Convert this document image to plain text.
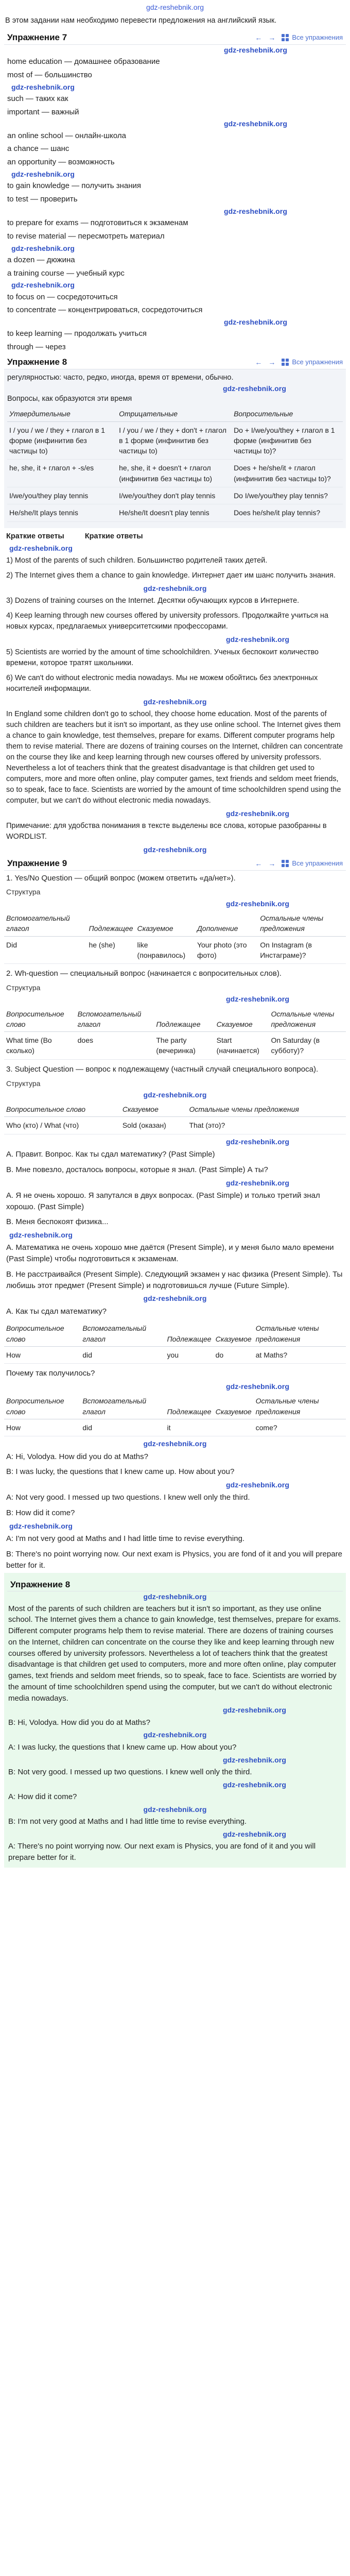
gdz-reshebnik.org
В этом задании нам необходимо перевести предложения на английский язык.
Упражнение 7	← → Все упражнения
gdz-reshebnik.org
home education — домашнее образование
most of — большинство
gdz-reshebnik.org
such — таких как
important — важный
gdz-reshebnik.org
an online school — онлайн-школа
a chance — шанс
an opportunity — возможность
gdz-reshebnik.org
to gain knowledge — получить знания
to test — проверить
gdz-reshebnik.org
to prepare for exams — подготовиться к экзаменам
to revise material — пересмотреть материал
gdz-reshebnik.org
a dozen — дюжина
a training course — учебный курс
gdz-reshebnik.org
to focus on — сосредоточиться
to concentrate — концентрироваться, сосредоточиться
gdz-reshebnik.org
to keep learning — продолжать учиться
through — через
Упражнение 8	← → Все упражнения
регулярностью: часто, редко, иногда, время от времени, обычно.
gdz-reshebnik.org
Вопросы, как образуются эти время
Утвердительные	Отрицательные	Вопросительные
I / you / we / they + глагол в 1 форме (инфинитив без частицы to)	I / you / we / they + don't + глагол в 1 форме (инфинитив без частицы to)	Do + I/we/you/they + глагол в 1 форме (инфинитив без частицы to)?
he, she, it + глагол + -s/es	he, she, it + doesn't + глагол (инфинитив без частицы to)	Does + he/she/it + глагол (инфинитив без частицы to)?
I/we/you/they play tennis	I/we/you/they don't play tennis	Do I/we/you/they play tennis?
He/she/It plays tennis	He/she/It doesn't play tennis	Does he/she/it play tennis?
Краткие ответы	Краткие ответы
gdz-reshebnik.org
1) Most of the parents of such children. Большинство родителей таких детей.
2) The Internet gives them a chance to gain knowledge. Интернет дает им шанс получить знания.
gdz-reshebnik.org
3) Dozens of training courses on the Internet. Десятки обучающих курсов в Интернете.
4) Keep learning through new courses offered by university professors. Продолжайте учиться на новых курсах, предлагаемых университетскими профессорами.
gdz-reshebnik.org
5) Scientists are worried by the amount of time schoolchildren. Ученых беспокоит количество времени, которое тратят школьники.
6) We can't do without electronic media nowadays. Мы не можем обойтись без электронных носителей информации.
gdz-reshebnik.org
In England some children don't go to school, they choose home education. Most of the parents of such children are teachers but it isn't so important, as they use online school. The Internet gives them a chance to gain knowledge, test themselves, prepare for exams. Different computer programs help them to revise material. There are dozens of training courses on the Internet, children can concentrate on the course they like and keep learning through new courses offered by university professors. Nevertheless a lot of teachers think that the greatest disadvantage is that children get used to computers, more and more often online, play computer games, text friends and seldom meet friends, so to speak, face to face. Scientists are worried by the amount of time schoolchildren spend using the computer, but we can't do without electronic media nowadays.
gdz-reshebnik.org
Примечание: для удобства понимания в тексте выделены все слова, которые разобранны в WORDLIST.
gdz-reshebnik.org
Упражнение 9	← → Все упражнения
1. Yes/No Question — общий вопрос (можем ответить «да/нет»).
Структура
gdz-reshebnik.org
Вспомогательный глагол	Подлежащее	Сказуемое	Дополнение	Остальные члены предложения
Did	he (she)	like (понравилось)	Your photo (это фото)	On Instagram (в Инстаграме)?
2. Wh-question — специальный вопрос (начинается с вопросительных слов).
Структура
gdz-reshebnik.org
Вопросительное слово	Вспомогательный глагол	Подлежащее	Сказуемое	Остальные члены предложения
What time (Во сколько)	does	The party (вечеринка)	Start (начинается)	On Saturday (в субботу)?
3. Subject Question — вопрос к подлежащему (частный случай специального вопроса).
Структура
gdz-reshebnik.org
Вопросительное слово	Сказуемое	Остальные члены предложения
Who (кто) / What (что)	Sold (оказан)	That (это)?
gdz-reshebnik.org
A. Правит. Вопрос. Как ты сдал математику? (Past Simple)
B. Мне повезло, досталось вопросы, которые я знал. (Past Simple) А ты?
gdz-reshebnik.org
A. Я не очень хорошо. Я запутался в двух вопросах. (Past Simple) и только третий знал хорошо. (Past Simple)
B. Меня беспокоят физика...
gdz-reshebnik.org
A. Математика не очень хорошо мне даётся (Present Simple), и у меня было мало времени (Past Simple) чтобы подготовиться к экзаменам.
B. Не расстраивайся (Present Simple). Следующий экзамен у нас физика (Present Simple). Ты любишь этот предмет (Present Simple) и подготовишься лучше (Future Simple).
gdz-reshebnik.org
A. Как ты сдал математику?
Вопросительное слово	Вспомогательный глагол	Подлежащее	Сказуемое	Остальные члены предложения
How	did	you	do	at Maths?
Почему так получилось?
gdz-reshebnik.org
Вопросительное слово	Вспомогательный глагол	Подлежащее	Сказуемое	Остальные члены предложения
How	did	it		come?
gdz-reshebnik.org
A: Hi, Volodya. How did you do at Maths?
B: I was lucky, the questions that I knew came up. How about you?
gdz-reshebnik.org
A: Not very good. I messed up two questions. I knew well only the third.
B: How did it come?
gdz-reshebnik.org
A: I'm not very good at Maths and I had little time to revise everything.
B: There's no point worrying now. Our next exam is Physics, you are fond of it and you will prepare better for it.
Упражнение 8
gdz-reshebnik.org
Most of the parents of such children are teachers but it isn't so important, as they use online school. The Internet gives them a chance to gain knowledge, test themselves, prepare for exams. Different computer programs help them to revise material. There are dozens of training courses on the Internet, children can concentrate on the course they like and keep learning through new courses offered by university professors. Nevertheless a lot of teachers think that the greatest disadvantage is that children get used to computers, more and more often online, play computer games, text friends and seldom meet friends, so to speak, face to face. Scientists are worried by the amount of time schoolchildren spend using the computer, but we can't do without electronic media nowadays.
gdz-reshebnik.org
B: Hi, Volodya. How did you do at Maths?
gdz-reshebnik.org
A: I was lucky, the questions that I knew came up. How about you?
gdz-reshebnik.org
B: Not very good. I messed up two questions. I knew well only the third.
gdz-reshebnik.org
A: How did it come?
gdz-reshebnik.org
B: I'm not very good at Maths and I had little time to revise everything.
gdz-reshebnik.org
A: There's no point worrying now. Our next exam is Physics, you are fond of it and you will prepare better for it.
